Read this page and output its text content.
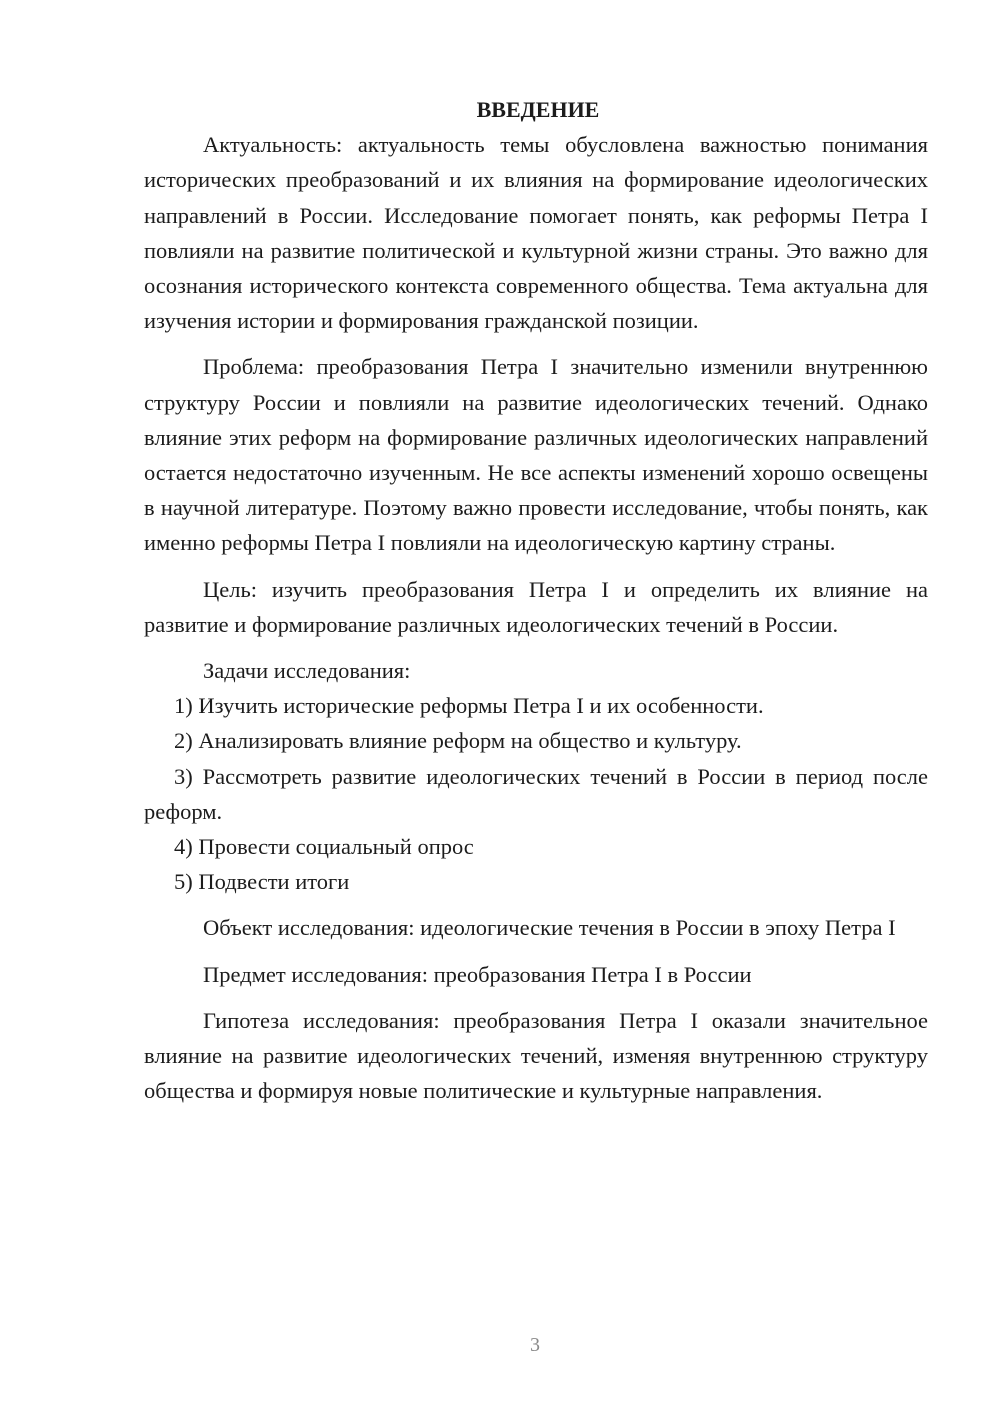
ВВЕДЕНИЕ

Актуальность: актуальность темы обусловлена важностью понимания исторических преобразований и их влияния на формирование идеологических направлений в России. Исследование помогает понять, как реформы Петра I повлияли на развитие политической и культурной жизни страны. Это важно для осознания исторического контекста современного общества. Тема актуальна для изучения истории и формирования гражданской позиции.

Проблема: преобразования Петра I значительно изменили внутреннюю структуру России и повлияли на развитие идеологических течений. Однако влияние этих реформ на формирование различных идеологических направлений остается недостаточно изученным. Не все аспекты изменений хорошо освещены в научной литературе. Поэтому важно провести исследование, чтобы понять, как именно реформы Петра I повлияли на идеологическую картину страны.

Цель: изучить преобразования Петра I и определить их влияние на развитие и формирование различных идеологических течений в России.

Задачи исследования:

1) Изучить исторические реформы Петра I и их особенности.

2) Анализировать влияние реформ на общество и культуру.

3) Рассмотреть развитие идеологических течений в России в период после реформ.

4) Провести социальный опрос

5) Подвести итоги

Объект исследования: идеологические течения в России в эпоху Петра I

Предмет исследования: преобразования Петра I в России

Гипотеза исследования: преобразования Петра I оказали значительное влияние на развитие идеологических течений, изменяя внутреннюю структуру общества и формируя новые политические и культурные направления.

3
